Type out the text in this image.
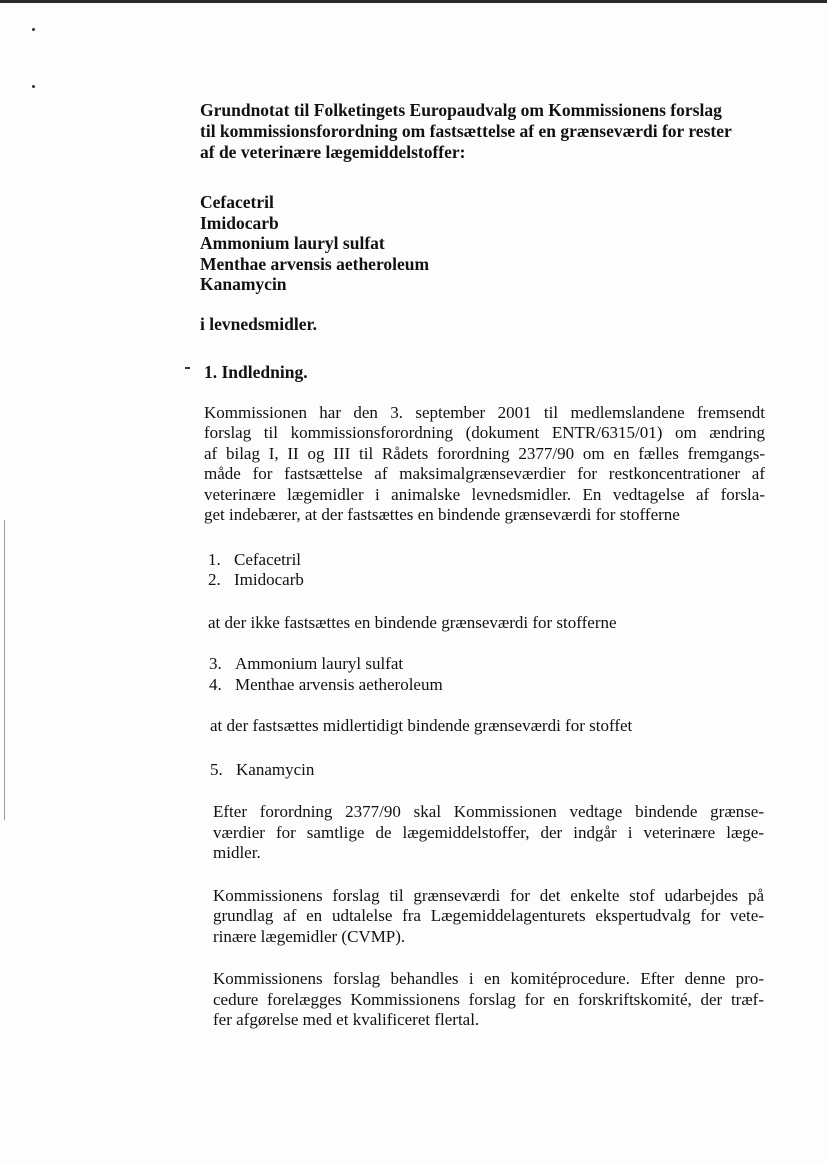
Grundnotat til Folketingets Europaudvalg om Kommissionens forslag
til kommissionsforordning om fastsættelse af en grænseværdi for rester
af de veterinære lægemiddelstoffer:
Cefacetril
Imidocarb
Ammonium lauryl sulfat
Menthae arvensis aetheroleum
Kanamycin
i levnedsmidler.
1. Indledning.
Kommissionen har den 3. september 2001 til medlemslandene fremsendt
forslag til kommissionsforordning (dokument ENTR/6315/01) om ændring
af bilag I, II og III til Rådets forordning 2377/90 om en fælles fremgangs-
måde for fastsættelse af maksimalgrænseværdier for restkoncentrationer af
veterinære lægemidler i animalske levnedsmidler. En vedtagelse af forsla-
get indebærer, at der fastsættes en bindende grænseværdi for stofferne
1. Cefacetril
2. Imidocarb
at der ikke fastsættes en bindende grænseværdi for stofferne
3. Ammonium lauryl sulfat
4. Menthae arvensis aetheroleum
at der fastsættes midlertidigt bindende grænseværdi for stoffet
5. Kanamycin
Efter forordning 2377/90 skal Kommissionen vedtage bindende grænse-
værdier for samtlige de lægemiddelstoffer, der indgår i veterinære læge-
midler.
Kommissionens forslag til grænseværdi for det enkelte stof udarbejdes på
grundlag af en udtalelse fra Lægemiddelagenturets ekspertudvalg for vete-
rinære lægemidler (CVMP).
Kommissionens forslag behandles i en komitéprocedure. Efter denne pro-
cedure forelægges Kommissionens forslag for en forskriftskomité, der træf-
fer afgørelse med et kvalificeret flertal.
